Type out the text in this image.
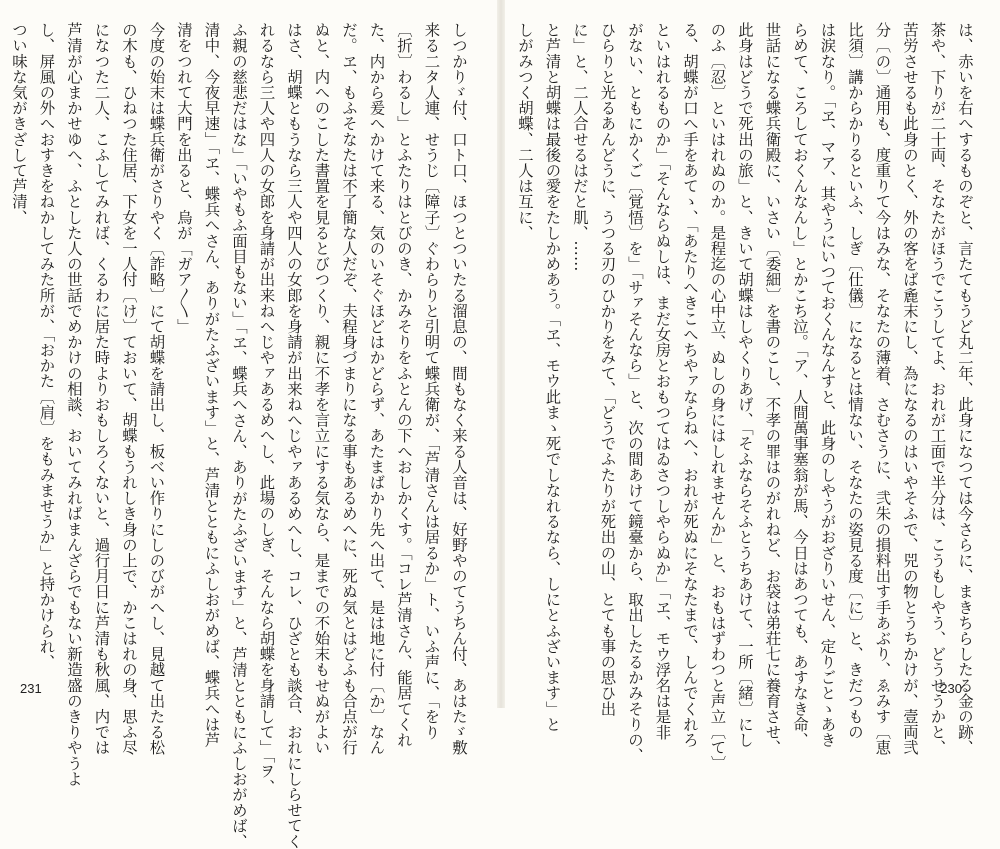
しつかりゞ付、口ト口、ほつとついたる溜息の、間もなく来る人音は、好野やのてうちん付、あはたゞ敷
来る二タ人連、せうじ〔障子〕ぐわらりと引明て蝶兵衛が、「芦清さんは居るか」ト、いふ声に、「をり
〔折〕わるし」とふたりはとびのき、かみそりをふとんの下へおしかくす。「コレ芦清さん、能居てくれ
た、内から爰へかけて来る、気のいそぐほどはかどらず、あたまばかり先へ出て、是は地に付〔か〕なん
だ。ヱ、もふそなたは不了簡な人だぞ、夫程身づまりになる事もあるめへに、死ぬ気とはどふも合点が行
ぬと、内へのこした書置を見るとびつくり、親に不孝を言立にする気なら、是までの不始末もせぬがよい
はさ、胡蝶ともうなら三人や四人の女郎を身請が出来ねへじやァあるめへし、コレ、ひざとも談合、おれにしらせてく
れるなら三人や四人の女郎を身請が出来ねへじやァあるめへし、此場のしぎ、そんなら胡蝶を身請して」「ヲ、
ふ親の慈悲だはな」「いやもふ面目もない」「ヱ、蝶兵へさん、ありがたふざいます」と、芦清とともにふしおがめば、
清中、今夜早速」「ヱ、蝶兵へさん、ありがたふざいます」と、芦清とともにふしおがめば、蝶兵へは芦
清をつれて大門を出ると、烏が「ガア〳〵」
今度の始末は蝶兵衛がさりやく〔詐略〕にて胡蝶を請出し、板べい作りにしのびがへし、見越て出たる松
の木も、ひねつた住居、下女を一人付〔け〕ておいて、胡蝶もうれしき身の上で、かこはれの身、思ふ尽
になつた二人、こふしてみれば、くるわに居た時よりおもしろくないと、過行月日に芦清も秋風、内では
芦清が心まかせゆへ、ふとした人の世話でめかけの相談、おいてみればまんざらでもない新造盛のきりやうよ
し、屏風の外へおすきをねかしてみた所が、「おかた〔肩〕をもみませうか」と持かけられ、
つい味な気がきざして芦清、
231	は、赤いを右へするものぞと、言たてもうど丸二年、此身になつては今さらに、まきちらしたる金の跡、
茶や、下りが二十両、そなたがほうでこうしてよ、おれが工面で半分は、こうもしやう、どうせうかと、
苦労させるも此身のとく、外の客をば麁末にし、為になるのはいやそふで、兕の物とうちかけが、壹両弐
分〔の〕通用も、度重りて今はみな、そなたの薄着、さむさうに、弐朱の損料出す手あぶり、ゑみす〔恵
比須〕講からかりるといふ、しぎ〔仕儀〕になるとは情ない、そなたの姿見る度〔に〕と、きだつもの
は涙なり。「ヱ、マア、其やうにいつておくんなんすと、此身のしやうがおざりいせん、定りごとゝあき
らめて、ころしておくんなんし」とかこち泣。「ア、人間萬事塞翁が馬、今日はあつても、あすなき命、
世話になる蝶兵衛殿に、いさい〔委細〕を書のこし、不孝の罪はのがれねど、お袋は弟荘七に養育させ、
此身はどうで死出の旅」と、きいて胡蝶はしやくりあげ、「そふならそふとうちあけて、一所〔緒〕にし
のふ〔忍〕といはれぬのか。是程迄の心中立、ぬしの身にはしれませんか」と、おもはずわつと声立〔て〕
る、胡蝶が口へ手をあてゝ、「あたりへきこへちやァならねへ、おれが死ぬにそなたまで、しんでくれろ
といはれるものか」「そんならぬしは、まだ女房とおもつてはゐさつしやらぬか」「ヱ、モウ浮名は是非
がない、ともにかくご〔覚悟〕を」「サァそんなら」と、次の間あけて鏡臺から、取出したるかみそりの、
ひらりと光るあんどうに、うつる刃のひかりをみて、「どうでふたりが死出の山、とても事の思ひ出
に」と、二人合せるはだと肌、……
と芦清と胡蝶は最後の愛をたしかめあう。「ヱ、モウ此まゝ死でしなれるなら、しにとふざいます」と
しがみつく胡蝶、二人は互に、
230
